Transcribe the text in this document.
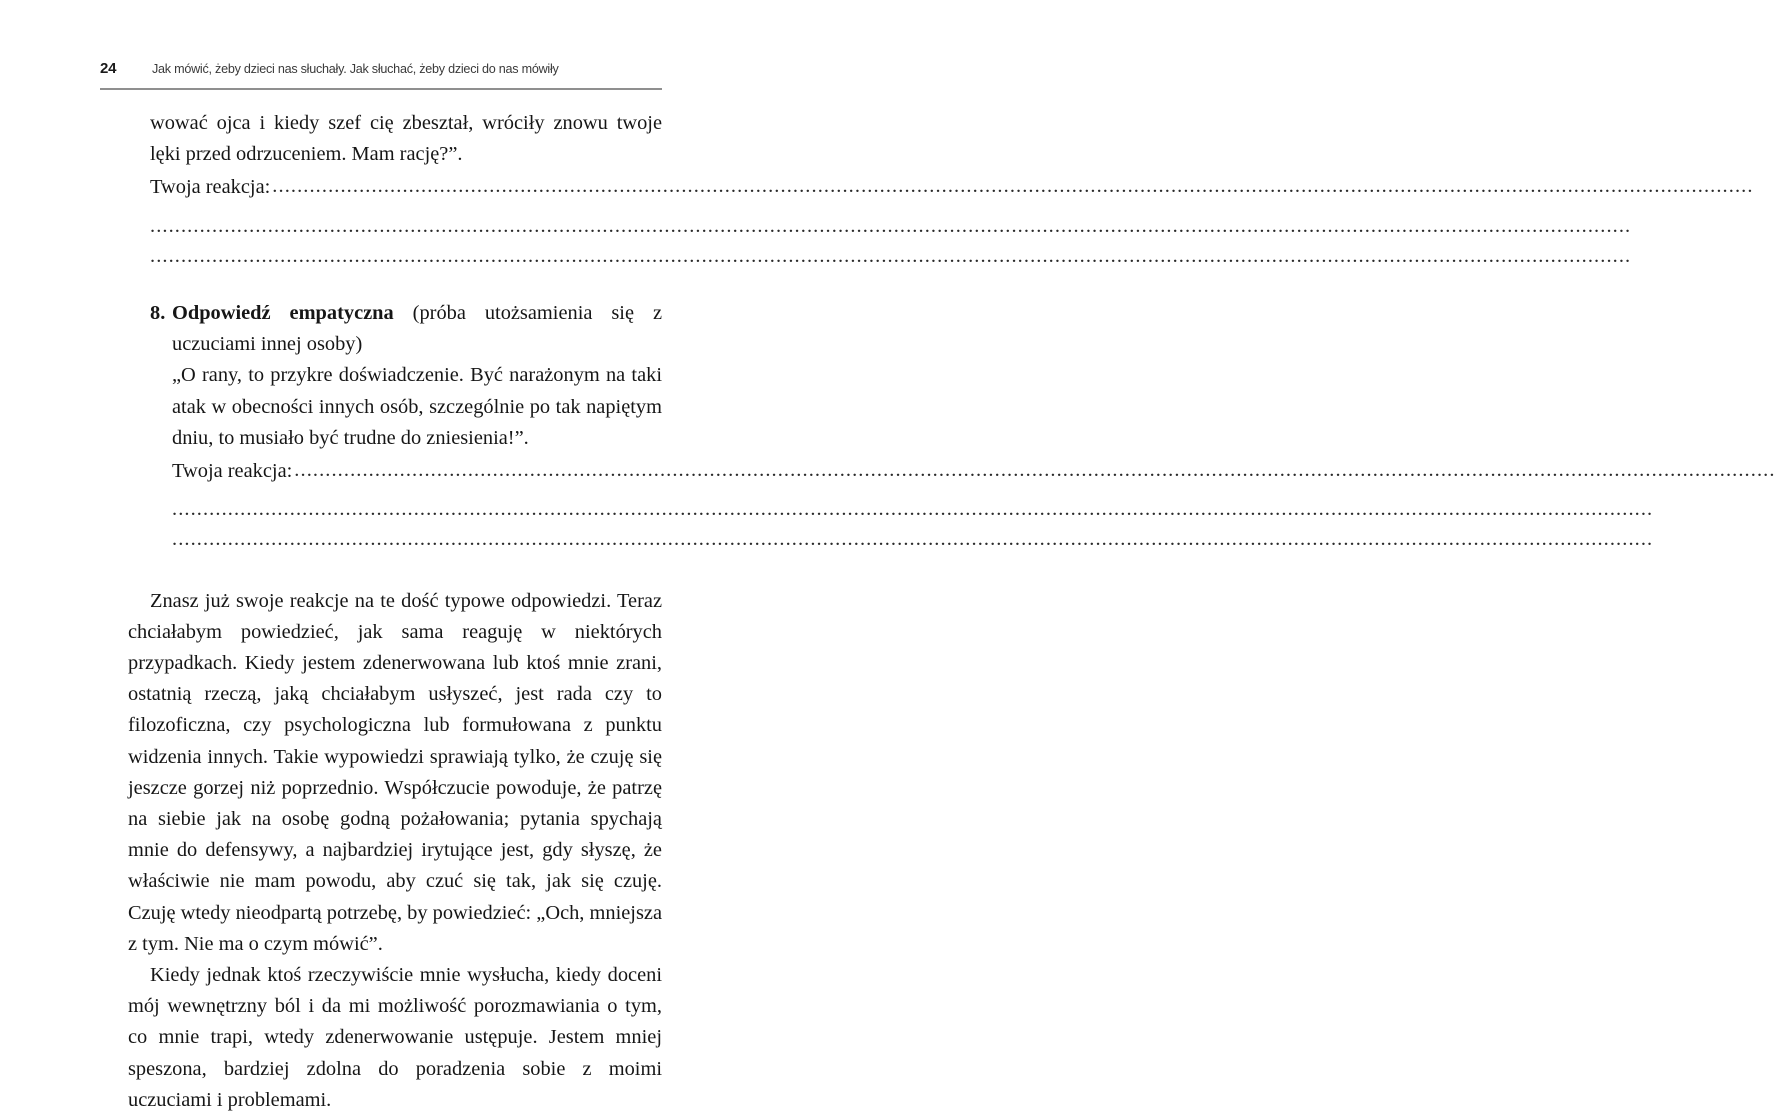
24	Jak mówić, żeby dzieci nas słuchały. Jak słuchać, żeby dzieci do nas mówiły

wować ojca i kiedy szef cię zbeształ, wróciły znowu twoje lęki przed odrzuceniem. Mam rację?”.

Twoja reakcja: ...............................................................................................................................................................................................................................................
...............................................................................................................................................................................................................................................
...............................................................................................................................................................................................................................................

8. Odpowiedź empatyczna (próba utożsamienia się z uczuciami innej osoby)

„O rany, to przykre doświadczenie. Być narażonym na taki atak w obecności innych osób, szczególnie po tak napiętym dniu, to musiało być trudne do zniesienia!”.

Twoja reakcja: ...............................................................................................................................................................................................................................................
...............................................................................................................................................................................................................................................
...............................................................................................................................................................................................................................................

Znasz już swoje reakcje na te dość typowe odpowiedzi. Teraz chciałabym powiedzieć, jak sama reaguję w niektórych przypadkach. Kiedy jestem zdenerwowana lub ktoś mnie zrani, ostatnią rzeczą, jaką chciałabym usłyszeć, jest rada czy to filozoficzna, czy psychologiczna lub formułowana z punktu widzenia innych. Takie wypowiedzi sprawiają tylko, że czuję się jeszcze gorzej niż poprzednio. Współczucie powoduje, że patrzę na siebie jak na osobę godną pożałowania; pytania spychają mnie do defensywy, a najbardziej irytujące jest, gdy słyszę, że właściwie nie mam powodu, aby czuć się tak, jak się czuję. Czuję wtedy nieodpartą potrzebę, by powiedzieć: „Och, mniejsza z tym. Nie ma o czym mówić”.

Kiedy jednak ktoś rzeczywiście mnie wysłucha, kiedy doceni mój wewnętrzny ból i da mi możliwość porozmawiania o tym, co mnie trapi, wtedy zdenerwowanie ustępuje. Jestem mniej speszona, bardziej zdolna do poradzenia sobie z moimi uczuciami i problemami.
